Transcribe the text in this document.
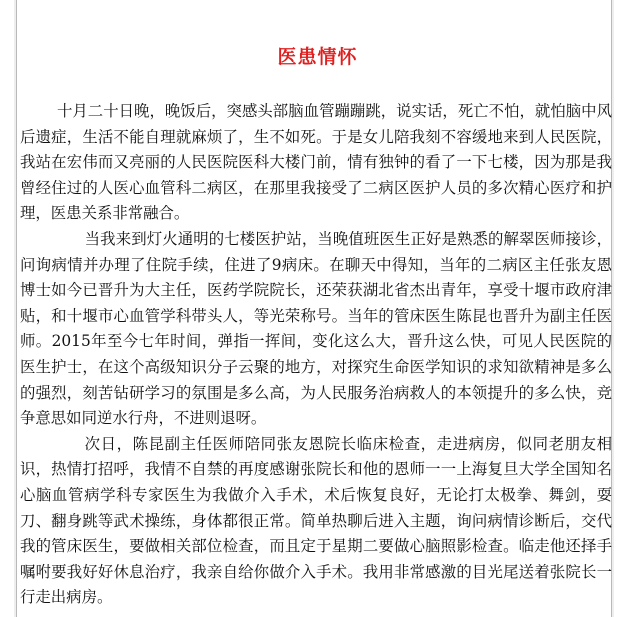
医患情怀

十月二十日晚，晚饭后，突感头部脑血管蹦蹦跳，说实话，死亡不怕，就怕脑中风后遗症，生活不能自理就麻烦了，生不如死。于是女儿陪我刻不容缓地来到人民医院，我站在宏伟而又亮丽的人民医院医科大楼门前，情有独钟的看了一下七楼，因为那是我曾经住过的人医心血管科二病区，在那里我接受了二病区医护人员的多次精心医疗和护理，医患关系非常融合。

当我来到灯火通明的七楼医护站，当晚值班医生正好是熟悉的解翠医师接诊，问询病情并办理了住院手续，住进了9病床。在聊天中得知，当年的二病区主任张友恩博士如今已晋升为大主任，医药学院院长，还荣获湖北省杰出青年，享受十堰市政府津贴，和十堰市心血管学科带头人，等光荣称号。当年的管床医生陈昆也晋升为副主任医师。2015年至今七年时间，弹指一挥间，变化这么大，晋升这么快，可见人民医院的医生护士，在这个高级知识分子云聚的地方，对探究生命医学知识的求知欲精神是多么的强烈，刻苦钻研学习的氛围是多么高，为人民服务治病救人的本领提升的多么快，竞争意思如同逆水行舟，不进则退呀。

次日，陈昆副主任医师陪同张友恩院长临床检查，走进病房，似同老朋友相识，热情打招呼，我情不自禁的再度感谢张院长和他的恩师一一上海复旦大学全国知名心脑血管病学科专家医生为我做介入手术，术后恢复良好，无论打太极拳、舞剑，耍刀、翻身跳等武术操练，身体都很正常。简单热聊后进入主题，询问病情诊断后，交代我的管床医生，要做相关部位检查，而且定于星期二要做心脑照影检查。临走他还择手嘱咐要我好好休息治疗，我亲自给你做介入手术。我用非常感激的目光尾送着张院长一行走出病房。
